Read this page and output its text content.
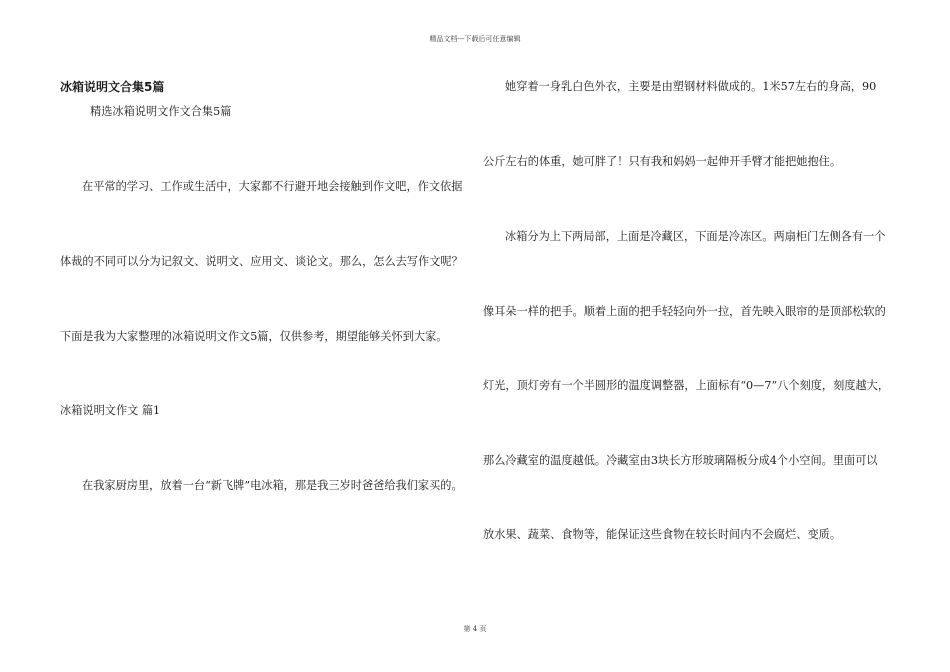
精品文档---下载后可任意编辑
冰箱说明文合集5篇
精选冰箱说明文作文合集5篇
在平常的学习、工作或生活中，大家都不行避开地会接触到作文吧，作文依据
体裁的不同可以分为记叙文、说明文、应用文、谈论文。那么，怎么去写作文呢？
下面是我为大家整理的冰箱说明文作文5篇，仅供参考，期望能够关怀到大家。
冰箱说明文作文 篇1
在我家厨房里，放着一台“新飞牌”电冰箱，那是我三岁时爸爸给我们家买的。
她穿着一身乳白色外衣，主要是由塑钢材料做成的。1米57左右的身高，90
公斤左右的体重，她可胖了！只有我和妈妈一起伸开手臂才能把她抱住。
冰箱分为上下两局部，上面是冷藏区，下面是冷冻区。两扇柜门左侧各有一个
像耳朵一样的把手。顺着上面的把手轻轻向外一拉，首先映入眼帘的是顶部松软的
灯光，顶灯旁有一个半圆形的温度调整器，上面标有“0—7”八个刻度，刻度越大，
那么冷藏室的温度越低。冷藏室由3块长方形玻璃隔板分成4个小空间。里面可以
放水果、蔬菜、食物等，能保证这些食物在较长时间内不会腐烂、变质。
第 4 页
